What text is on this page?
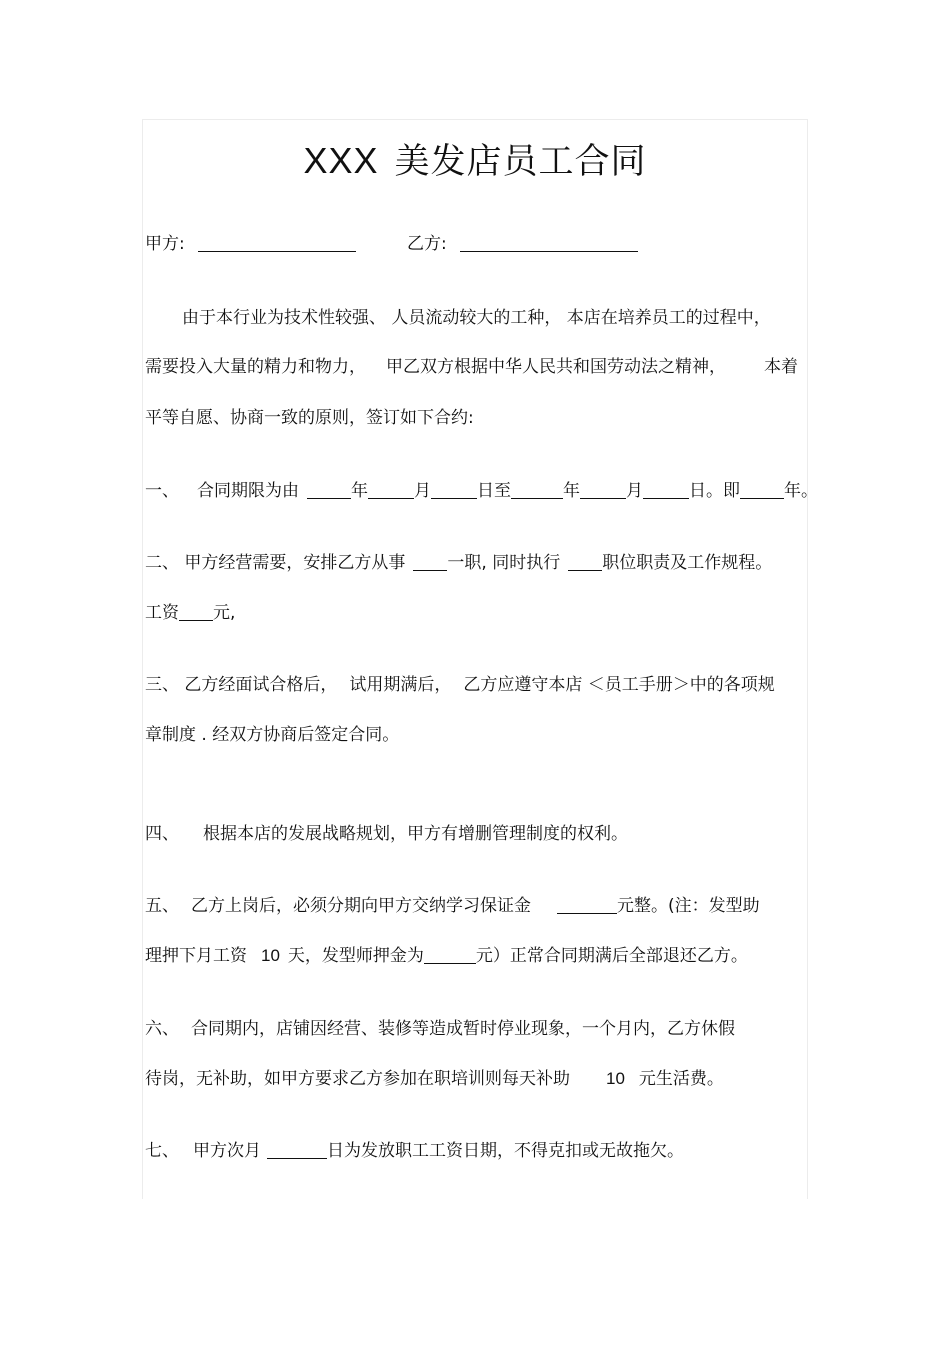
XXX 美发店员工合同
甲方:	乙方:
由于本行业为技术性较强、 人员流动较大的工种， 本店在培养员工的过程中，
需要投入大量的精力和物力， 甲乙双方根据中华人民共和国劳动法之精神， 本着
平等自愿、协商一致的原则，签订如下合约:
一、 合同期限为由	年	月	日至	年	月	日。即	年。
二、 甲方经营需要，安排乙方从事 一职, 同时执行 职位职责及工作规程。
工资 元,
三、 乙方经面试合格后， 试用期满后， 乙方应遵守本店 ＜员工手册＞中的各项规
章制度 . 经双方协商后签定合同。
四、 根据本店的发展战略规划，甲方有增删管理制度的权利。
五、 乙方上岗后，必须分期向甲方交纳学习保证金	元整。(注：发型助
理押下月工资 10 天，发型师押金为	元）正常合同期满后全部退还乙方。
六、 合同期内，店铺因经营、装修等造成暂时停业现象，一个月内，乙方休假
待岗，无补助，如甲方要求乙方参加在职培训则每天补助 10 元生活费。
七、 甲方次月	日为发放职工工资日期，不得克扣或无故拖欠。
